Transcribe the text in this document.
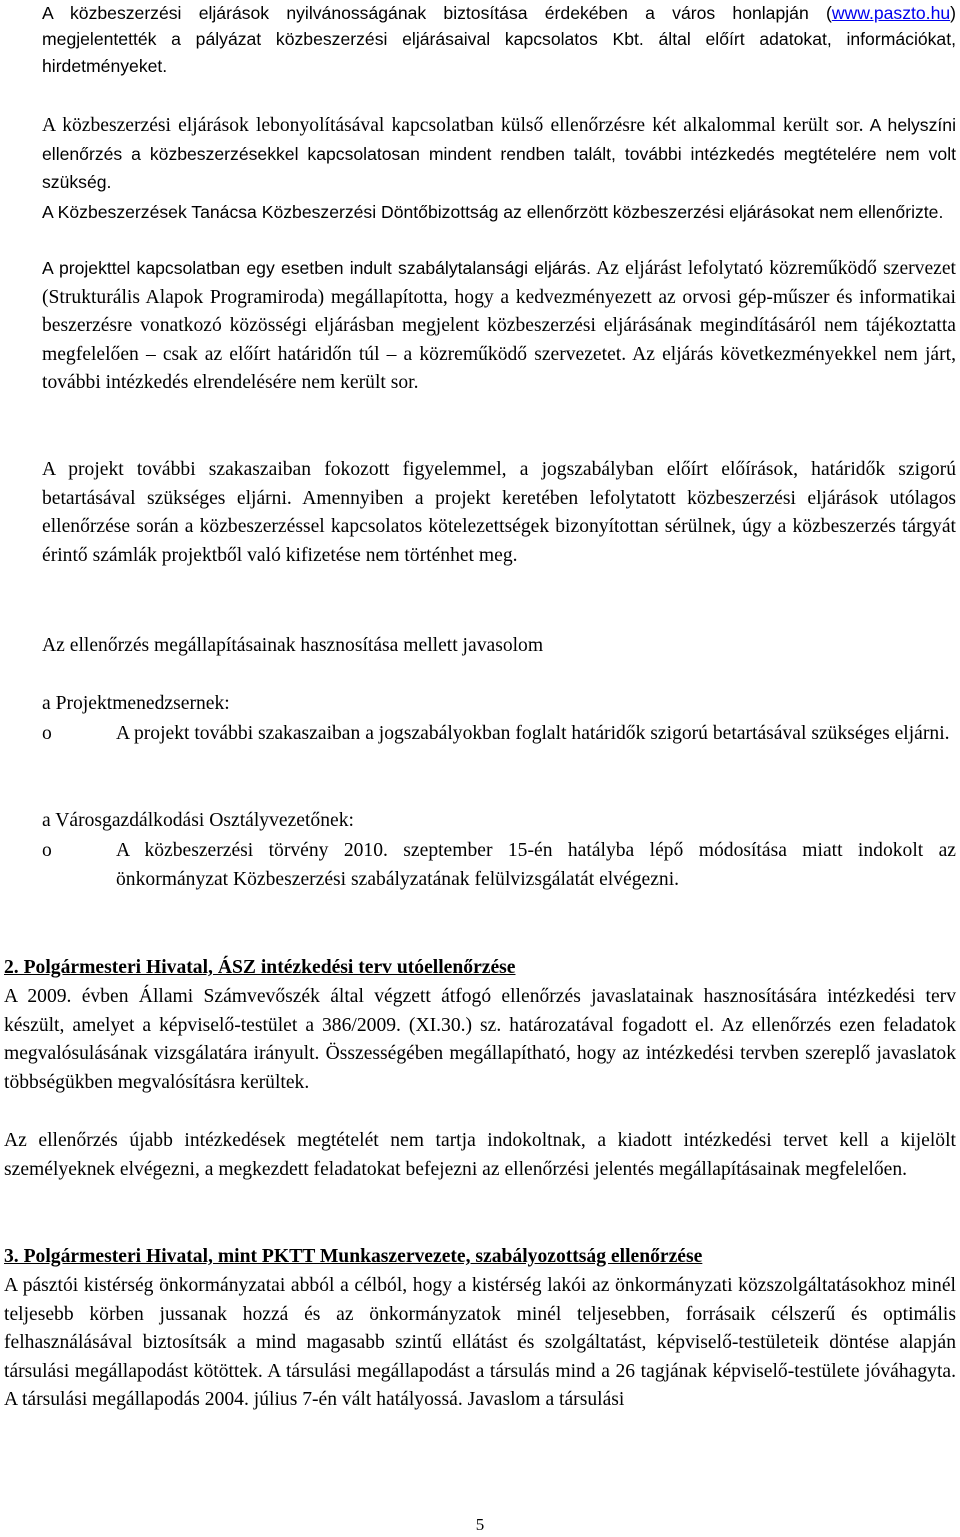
A közbeszerzési eljárások nyilvánosságának biztosítása érdekében a város honlapján (www.paszto.hu) megjelentették a pályázat közbeszerzési eljárásaival kapcsolatos Kbt. által előírt adatokat, információkat, hirdetményeket.

A közbeszerzési eljárások lebonyolításával kapcsolatban külső ellenőrzésre két alkalommal került sor. A helyszíni ellenőrzés a közbeszerzésekkel kapcsolatosan mindent rendben talált, további intézkedés megtételére nem volt szükség.

A Közbeszerzések Tanácsa Közbeszerzési Döntőbizottság az ellenőrzött közbeszerzési eljárásokat nem ellenőrizte.

A projekttel kapcsolatban egy esetben indult szabálytalansági eljárás. Az eljárást lefolytató közreműködő szervezet (Strukturális Alapok Programiroda) megállapította, hogy a kedvezményezett az orvosi gép-műszer és informatikai beszerzésre vonatkozó közösségi eljárásban megjelent közbeszerzési eljárásának megindításáról nem tájékoztatta megfelelően – csak az előírt határidőn túl – a közreműködő szervezetet. Az eljárás következményekkel nem járt, további intézkedés elrendelésére nem került sor.

A projekt további szakaszaiban fokozott figyelemmel, a jogszabályban előírt előírások, határidők szigorú betartásával szükséges eljárni. Amennyiben a projekt keretében lefolytatott közbeszerzési eljárások utólagos ellenőrzése során a közbeszerzéssel kapcsolatos kötelezettségek bizonyítottan sérülnek, úgy a közbeszerzés tárgyát érintő számlák projektből való kifizetése nem történhet meg.

Az ellenőrzés megállapításainak hasznosítása mellett javasolom

a Projektmenedzsernek:

o	A projekt további szakaszaiban a jogszabályokban foglalt határidők szigorú betartásával szükséges eljárni.

a Városgazdálkodási Osztályvezetőnek:

o	A közbeszerzési törvény 2010. szeptember 15-én hatályba lépő módosítása miatt indokolt az önkormányzat Közbeszerzési szabályzatának felülvizsgálatát elvégezni.

2. Polgármesteri Hivatal, ÁSZ intézkedési terv utóellenőrzése

A 2009. évben Állami Számvevőszék által végzett átfogó ellenőrzés javaslatainak hasznosítására intézkedési terv készült, amelyet a képviselő-testület a 386/2009. (XI.30.) sz. határozatával fogadott el. Az ellenőrzés ezen feladatok megvalósulásának vizsgálatára irányult. Összességében megállapítható, hogy az intézkedési tervben szereplő javaslatok többségükben megvalósításra kerültek.

Az ellenőrzés újabb intézkedések megtételét nem tartja indokoltnak, a kiadott intézkedési tervet kell a kijelölt személyeknek elvégezni, a megkezdett feladatokat befejezni az ellenőrzési jelentés megállapításainak megfelelően.

3. Polgármesteri Hivatal, mint PKTT Munkaszervezete, szabályozottság ellenőrzése

A pásztói kistérség önkormányzatai abból a célból, hogy a kistérség lakói az önkormányzati közszolgáltatásokhoz minél teljesebb körben jussanak hozzá és az önkormányzatok minél teljesebben, forrásaik célszerű és optimális felhasználásával biztosítsák a mind magasabb szintű ellátást és szolgáltatást, képviselő-testületeik döntése alapján társulási megállapodást kötöttek. A társulási megállapodást a társulás mind a 26 tagjának képviselő-testülete jóváhagyta. A társulási megállapodás 2004. július 7-én vált hatályossá. Javaslom a társulási

5
